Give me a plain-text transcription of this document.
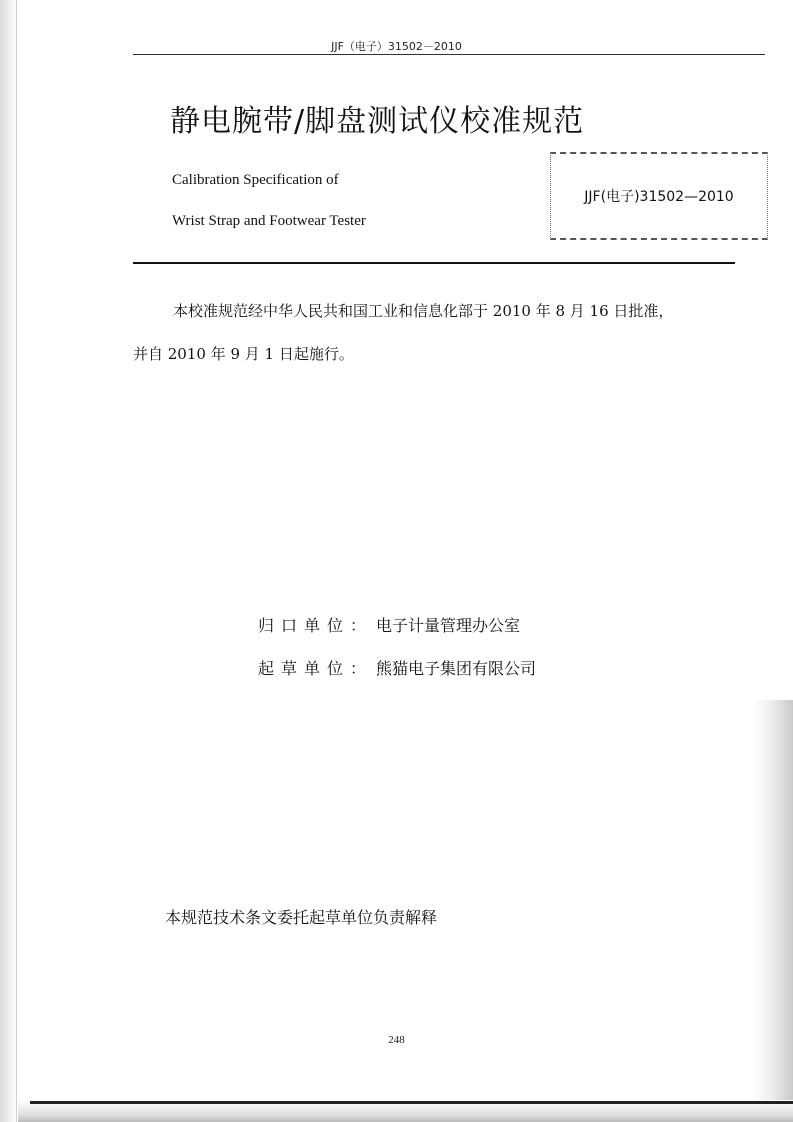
JJF（电子）31502－2010
静电腕带/脚盘测试仪校准规范
Calibration Specification of
Wrist Strap and Footwear Tester
JJF(电子)31502—2010
本校准规范经中华人民共和国工业和信息化部于 2010 年 8 月 16 日批准，
并自 2010 年 9 月 1 日起施行。
归口单位： 电子计量管理办公室
起草单位： 熊猫电子集团有限公司
本规范技术条文委托起草单位负责解释
248
